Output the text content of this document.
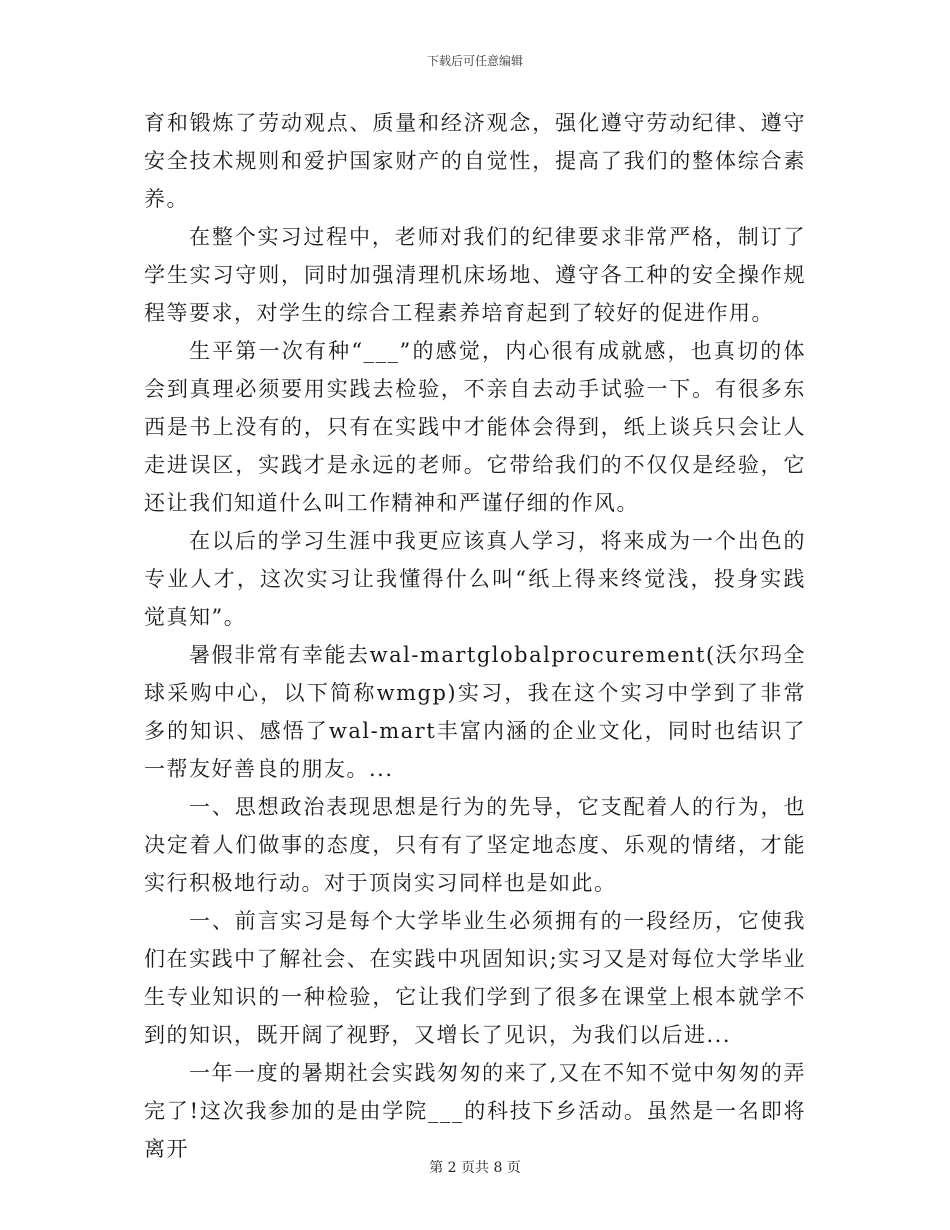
下载后可任意编辑

育和锻炼了劳动观点、质量和经济观念，强化遵守劳动纪律、遵守安全技术规则和爱护国家财产的自觉性，提高了我们的整体综合素养。

在整个实习过程中，老师对我们的纪律要求非常严格，制订了学生实习守则，同时加强清理机床场地、遵守各工种的安全操作规程等要求，对学生的综合工程素养培育起到了较好的促进作用。

生平第一次有种“___”的感觉，内心很有成就感，也真切的体会到真理必须要用实践去检验，不亲自去动手试验一下。有很多东西是书上没有的，只有在实践中才能体会得到，纸上谈兵只会让人走进误区，实践才是永远的老师。它带给我们的不仅仅是经验，它还让我们知道什么叫工作精神和严谨仔细的作风。

在以后的学习生涯中我更应该真人学习，将来成为一个出色的专业人才，这次实习让我懂得什么叫“纸上得来终觉浅，投身实践觉真知”。

暑假非常有幸能去wal-martglobalprocurement(沃尔玛全球采购中心，以下简称wmgp)实习，我在这个实习中学到了非常多的知识、感悟了wal-mart丰富内涵的企业文化，同时也结识了一帮友好善良的朋友。...

一、思想政治表现思想是行为的先导，它支配着人的行为，也决定着人们做事的态度，只有有了坚定地态度、乐观的情绪，才能实行积极地行动。对于顶岗实习同样也是如此。

一、前言实习是每个大学毕业生必须拥有的一段经历，它使我们在实践中了解社会、在实践中巩固知识;实习又是对每位大学毕业生专业知识的一种检验，它让我们学到了很多在课堂上根本就学不到的知识，既开阔了视野，又增长了见识，为我们以后进...

一年一度的暑期社会实践匆匆的来了,又在不知不觉中匆匆的弄完了!这次我参加的是由学院___的科技下乡活动。虽然是一名即将离开

第 2 页共 8 页
